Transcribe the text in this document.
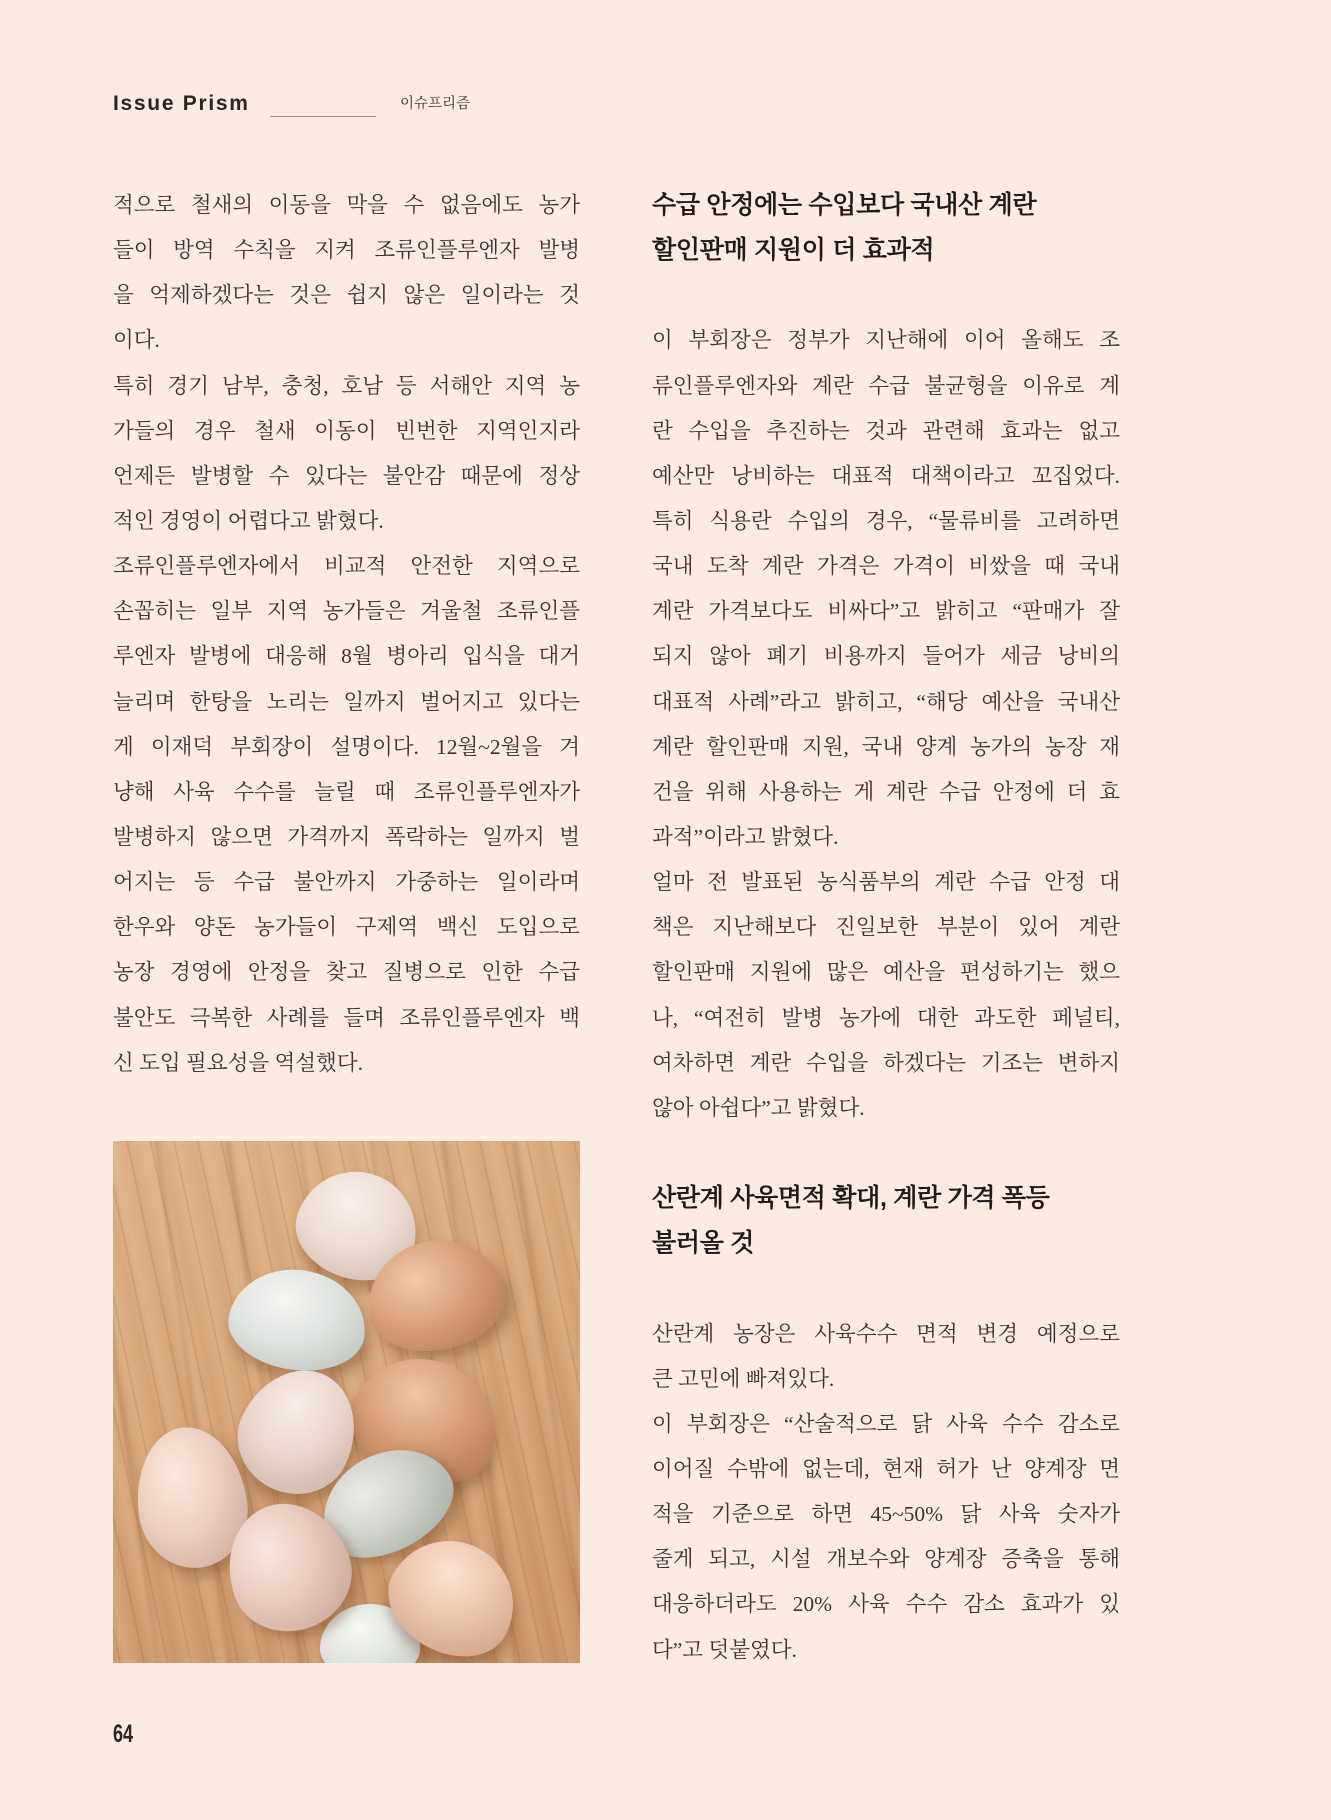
Issue Prism	이슈프리즘
적으로 철새의 이동을 막을 수 없음에도 농가
들이 방역 수칙을 지켜 조류인플루엔자 발병
을 억제하겠다는 것은 쉽지 않은 일이라는 것
이다.
특히 경기 남부, 충청, 호남 등 서해안 지역 농
가들의 경우 철새 이동이 빈번한 지역인지라
언제든 발병할 수 있다는 불안감 때문에 정상
적인 경영이 어렵다고 밝혔다.
조류인플루엔자에서 비교적 안전한 지역으로
손꼽히는 일부 지역 농가들은 겨울철 조류인플
루엔자 발병에 대응해 8월 병아리 입식을 대거
늘리며 한탕을 노리는 일까지 벌어지고 있다는
게 이재덕 부회장이 설명이다. 12월~2월을 겨
냥해 사육 수수를 늘릴 때 조류인플루엔자가
발병하지 않으면 가격까지 폭락하는 일까지 벌
어지는 등 수급 불안까지 가중하는 일이라며
한우와 양돈 농가들이 구제역 백신 도입으로
농장 경영에 안정을 찾고 질병으로 인한 수급
불안도 극복한 사례를 들며 조류인플루엔자 백
신 도입 필요성을 역설했다.
수급 안정에는 수입보다 국내산 계란
할인판매 지원이 더 효과적
이 부회장은 정부가 지난해에 이어 올해도 조
류인플루엔자와 계란 수급 불균형을 이유로 계
란 수입을 추진하는 것과 관련해 효과는 없고
예산만 낭비하는 대표적 대책이라고 꼬집었다.
특히 식용란 수입의 경우, “물류비를 고려하면
국내 도착 계란 가격은 가격이 비쌌을 때 국내
계란 가격보다도 비싸다”고 밝히고 “판매가 잘
되지 않아 폐기 비용까지 들어가 세금 낭비의
대표적 사례”라고 밝히고, “해당 예산을 국내산
계란 할인판매 지원, 국내 양계 농가의 농장 재
건을 위해 사용하는 게 계란 수급 안정에 더 효
과적”이라고 밝혔다.
얼마 전 발표된 농식품부의 계란 수급 안정 대
책은 지난해보다 진일보한 부분이 있어 계란
할인판매 지원에 많은 예산을 편성하기는 했으
나, “여전히 발병 농가에 대한 과도한 페널티,
여차하면 계란 수입을 하겠다는 기조는 변하지
않아 아쉽다”고 밝혔다.
산란계 사육면적 확대, 계란 가격 폭등
불러올 것
산란계 농장은 사육수수 면적 변경 예정으로
큰 고민에 빠져있다.
이 부회장은 “산술적으로 닭 사육 수수 감소로
이어질 수밖에 없는데, 현재 허가 난 양계장 면
적을 기준으로 하면 45~50% 닭 사육 숫자가
줄게 되고, 시설 개보수와 양계장 증축을 통해
대응하더라도 20% 사육 수수 감소 효과가 있
다”고 덧붙였다.
64
